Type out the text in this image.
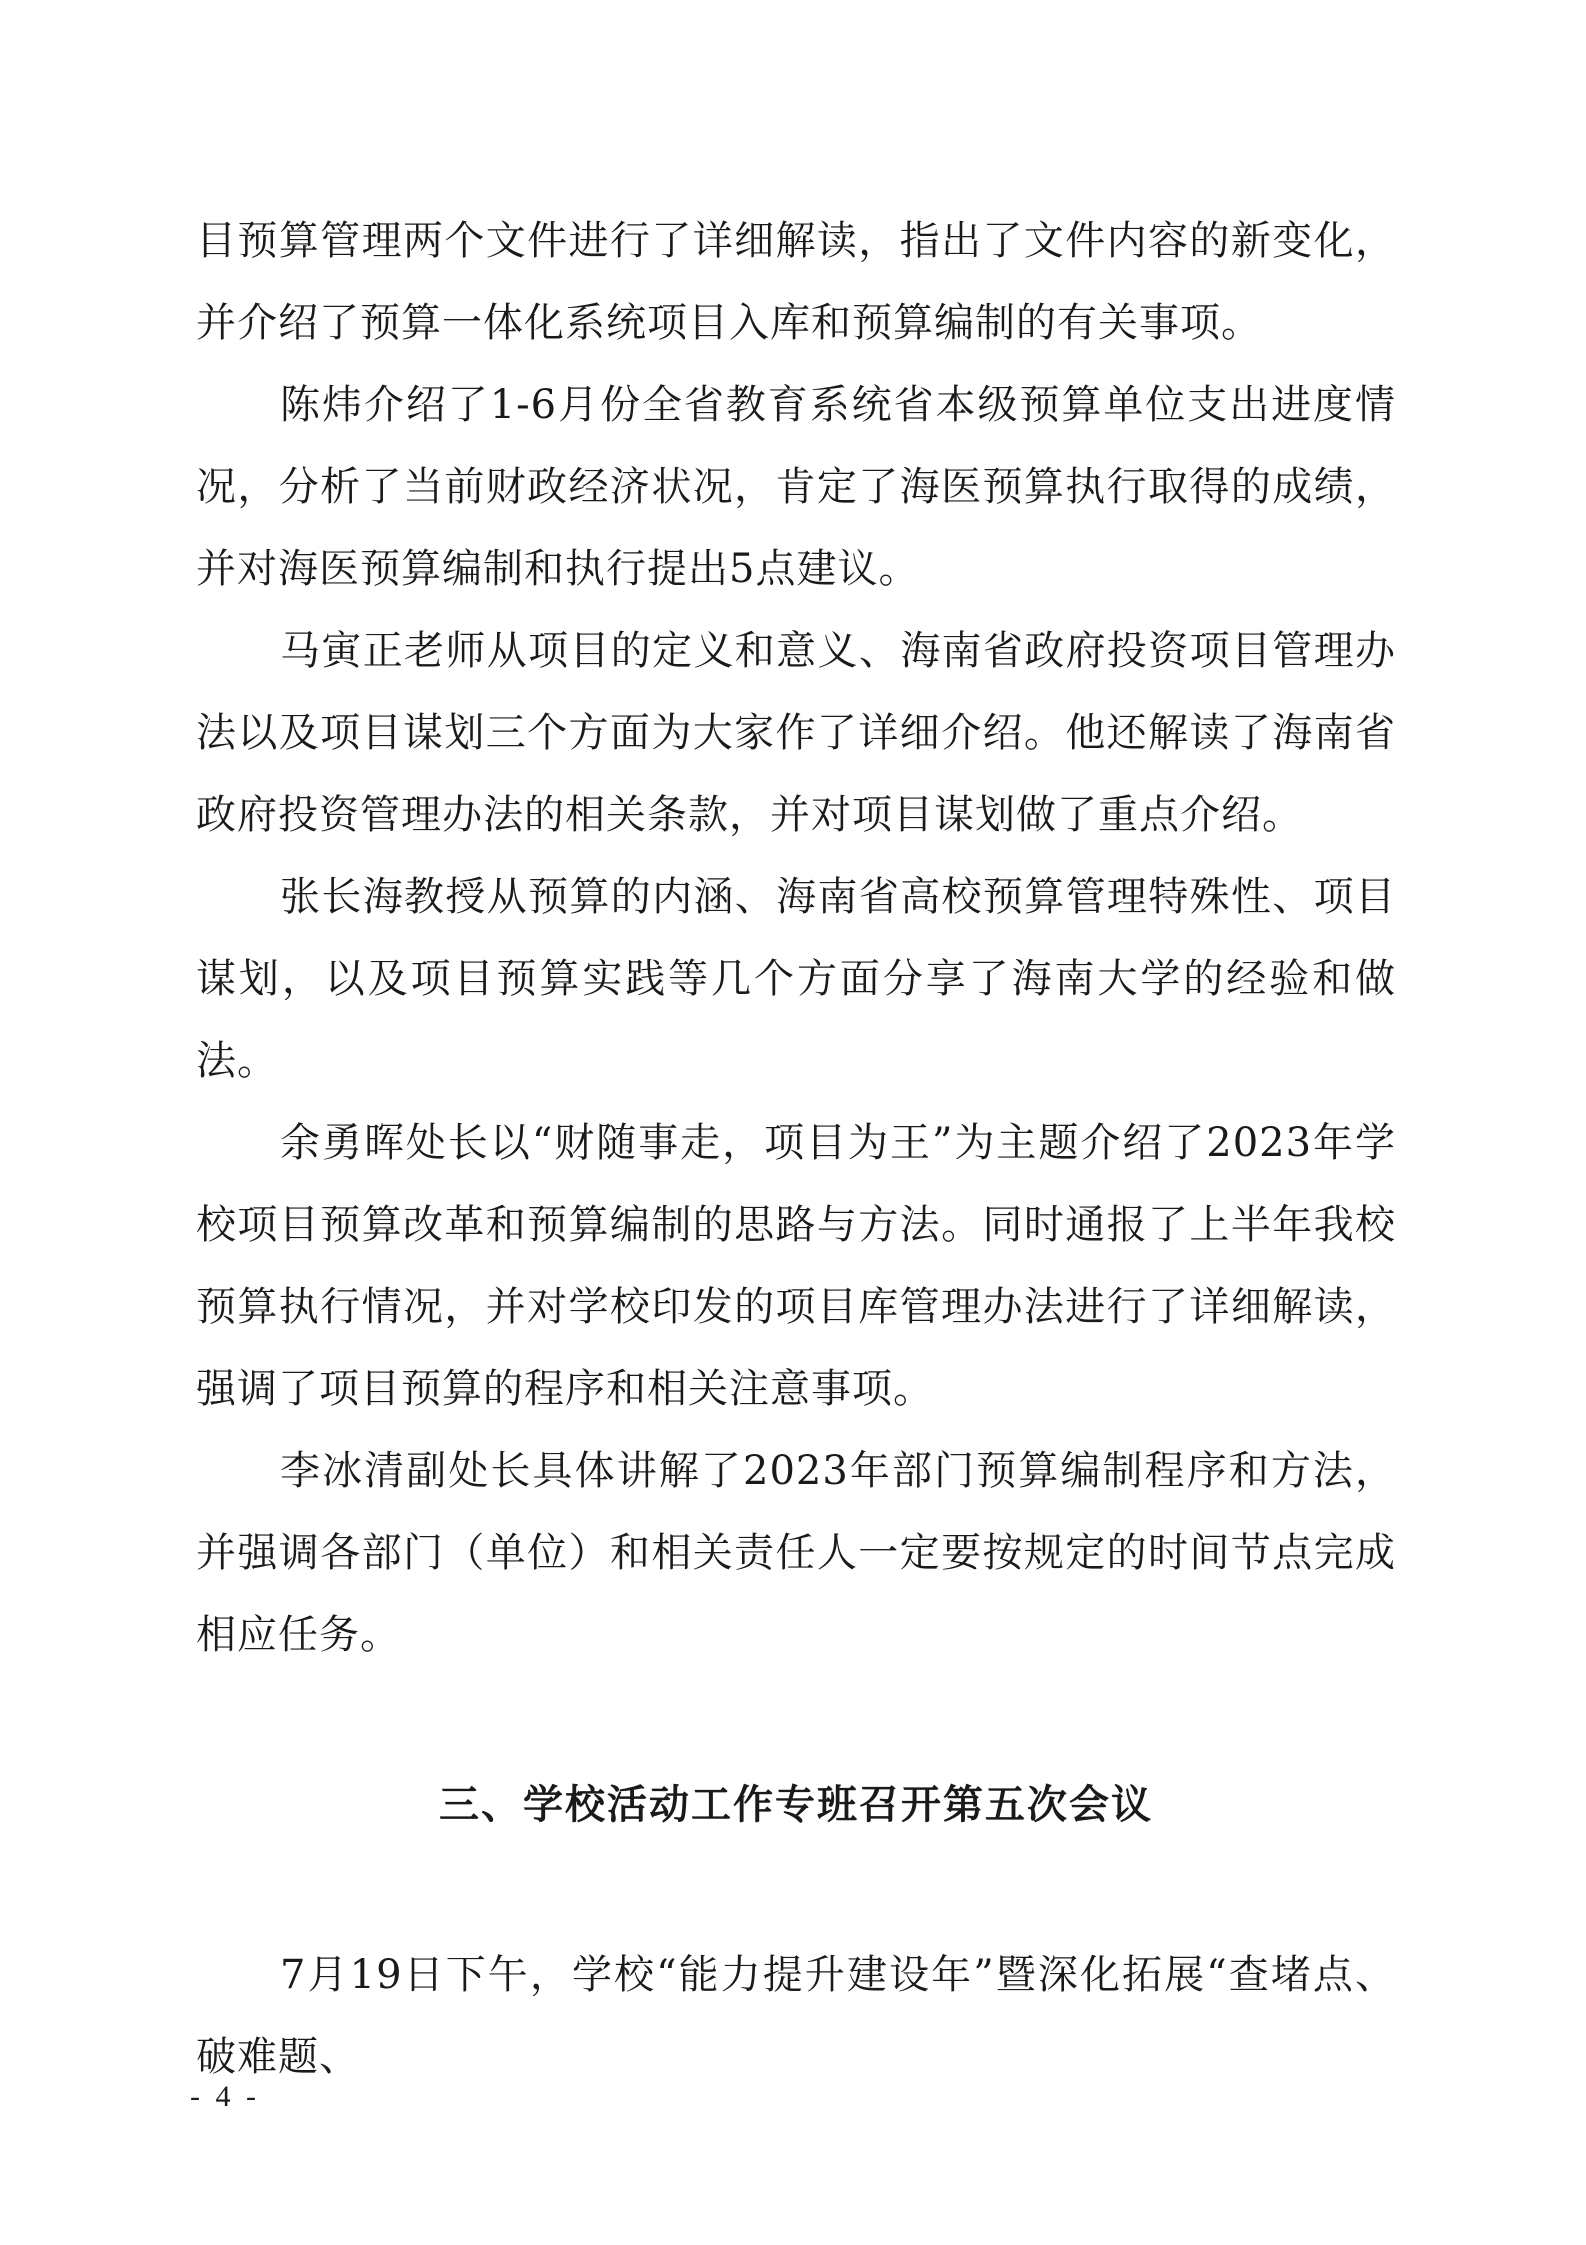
目预算管理两个文件进行了详细解读，指出了文件内容的新变化，并介绍了预算一体化系统项目入库和预算编制的有关事项。

陈炜介绍了1-6月份全省教育系统省本级预算单位支出进度情况，分析了当前财政经济状况，肯定了海医预算执行取得的成绩，并对海医预算编制和执行提出5点建议。

马寅正老师从项目的定义和意义、海南省政府投资项目管理办法以及项目谋划三个方面为大家作了详细介绍。他还解读了海南省政府投资管理办法的相关条款，并对项目谋划做了重点介绍。

张长海教授从预算的内涵、海南省高校预算管理特殊性、项目谋划，以及项目预算实践等几个方面分享了海南大学的经验和做法。

余勇晖处长以“财随事走，项目为王”为主题介绍了2023年学校项目预算改革和预算编制的思路与方法。同时通报了上半年我校预算执行情况，并对学校印发的项目库管理办法进行了详细解读，强调了项目预算的程序和相关注意事项。

李冰清副处长具体讲解了2023年部门预算编制程序和方法，并强调各部门（单位）和相关责任人一定要按规定的时间节点完成相应任务。

三、学校活动工作专班召开第五次会议

7月19日下午，学校“能力提升建设年”暨深化拓展“查堵点、破难题、

- 4 -
